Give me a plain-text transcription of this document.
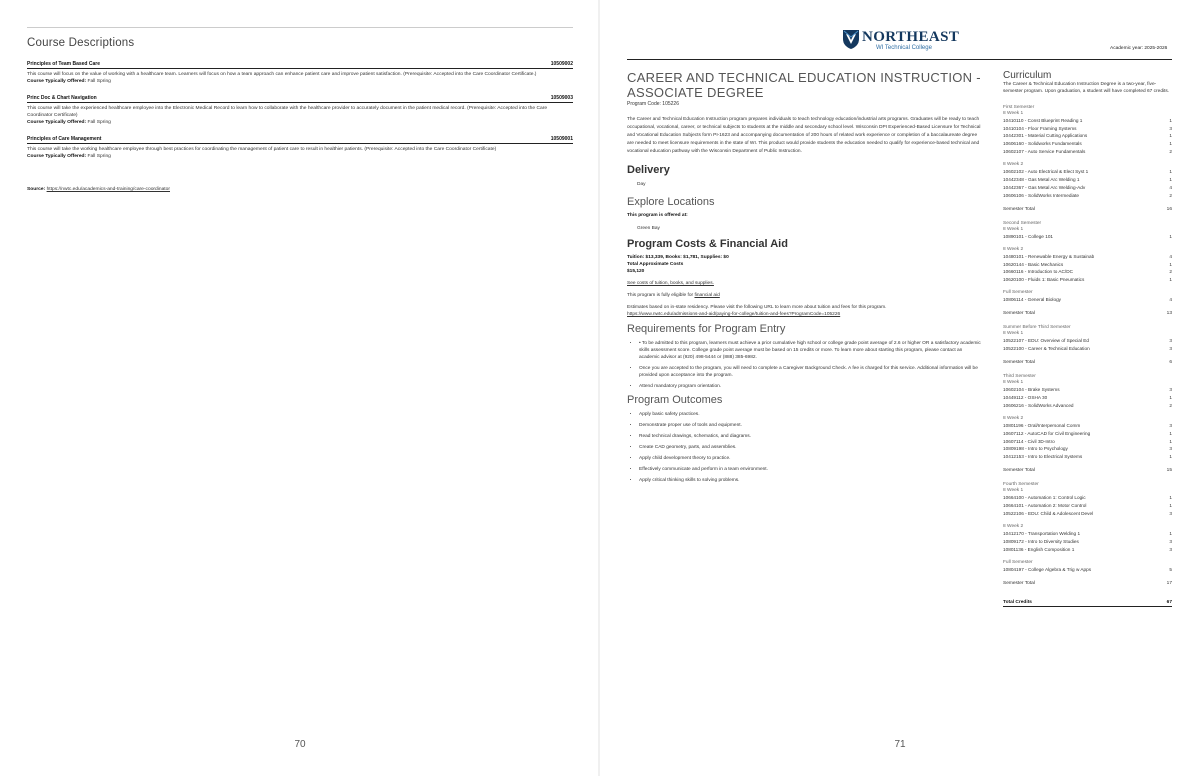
Course Descriptions
Principles of Team Based Care	10509002
This course will focus on the value of working with a healthcare team. Learners will focus on how a team approach can enhance patient care and improve patient satisfaction. (Prerequisite: Accepted into the Care Coordinator Certificate.)
Course Typically Offered: Fall Spring
Princ Doc & Chart Navigation	10509003
This course will take the experienced healthcare employee into the Electronic Medical Record to learn how to collaborate with the healthcare provider to accurately document in the patient medical record. (Prerequisite: Accepted into the Care Coordinator Certificate)
Course Typically Offered: Fall Spring
Principles of Care Management	10509001
This course will take the working healthcare employee through best practices for coordinating the management of patient care to result in healthier patients. (Prerequisite: Accepted into the Care Coordinator Certificate)
Course Typically Offered: Fall Spring
Source: https://nwtc.edu/academics-and-training/care-coordinator
70
NORTHEAST
WI Technical College	Academic year: 2025-2026
CAREER AND TECHNICAL EDUCATION INSTRUCTION - ASSOCIATE DEGREE
Program Code: 105226
The Career and Technical Education Instruction program prepares individuals to teach technology education/industrial arts programs. Graduates will be ready to teach occupational, vocational, career, or technical subjects to students at the middle and secondary school level. Wisconsin DPI Experienced-Based Licensure for Technical and Vocational Education Subjects form PI-1623 and accompanying documentation of 200 hours of related work experience or completion of a baccalaureate degree are needed to meet licensure requirements in the state of WI. This product would provide students the education needed to qualify for experience-based technical and vocational education pathway with the Wisconsin Department of Public Instruction.
Delivery
Day
Explore Locations
This program is offered at:
Green Bay
Program Costs & Financial Aid
Tuition: $13,339, Books: $1,781, Supplies: $0
Total Approximate Costs
$15,120
See costs of tuition, books, and supplies.
This program is fully eligible for financial aid
Estimates based on in-state residency. Please visit the following URL to learn more about tuition and fees for this program.
https://www.nwtc.edu/admissions-and-aid/paying-for-college/tuition-and-fees?ProgramCode=105226
Requirements for Program Entry
• • To be admitted to this program, learners must achieve a prior cumulative high school or college grade point average of 2.6 or higher OR a satisfactory academic skills assessment score. College grade point average must be based on 15 credits or more. To learn more about starting this program, please contact an academic advisor at (920) 498-5444 or (888) 385-6982.
• Once you are accepted to the program, you will need to complete a Caregiver Background Check. A fee is charged for this service. Additional information will be provided upon acceptance into the program.
• Attend mandatory program orientation.
Program Outcomes
• Apply basic safety practices.
• Demonstrate proper use of tools and equipment.
• Read technical drawings, schematics, and diagrams.
• Create CAD geometry, parts, and assemblies.
• Apply child development theory to practice.
• Effectively communicate and perform in a team environment.
• Apply critical thinking skills to solving problems.
Curriculum
The Career & Technical Education Instruction Degree is a two-year, five-semester program. Upon graduation, a student will have completed 67 credits.
First Semester
8 Week 1
10410110 - Const Blueprint Reading 1	1
10410104 - Floor Framing Systems	3
10442301 - Material Cutting Applications	1
10606160 - Solidworks Fundamentals	1
10602107 - Auto Service Fundamentals	2
8 Week 2
10602102 - Auto Electrical & Elect Syst 1	1
10442348 - Gas Metal Arc Welding 1	1
10442367 - Gas Metal Arc Welding-Adv	4
10606106 - SolidWorks Intermediate	2
Semester Total	16
Second Semester
8 Week 1
10890101 - College 101	1
8 Week 2
10480101 - Renewable Energy & Sustainab	4
10620144 - Basic Mechanics	1
10660116 - Introduction to AC/DC	2
10620100 - Fluids 1: Basic Pneumatics	1
Full Semester
10806114 - General Biology	4
Semester Total	13
Summer Before Third Semester
8 Week 1
10522107 - EDU: Overview of Special Ed	3
10522100 - Career & Technical Education	3
Semester Total	6
Third Semester
8 Week 1
10602104 - Brake Systems	3
10449112 - OSHA 30	1
10606216 - SolidWorks Advanced	2
8 Week 2
10801196 - Oral/Interpersonal Comm	3
10607112 - AutoCAD for Civil Engineering	1
10607114 - Civil 3D-Intro	1
10809198 - Intro to Psychology	3
10412153 - Intro to Electrical Systems	1
Semester Total	15
Fourth Semester
8 Week 1
10664100 - Automation 1: Control Logic	1
10664101 - Automation 2: Motor Control	1
10522106 - EDU: Child & Adolescent Devel	3
8 Week 2
10412170 - Transportation Welding 1	1
10809172 - Intro to Diversity Studies	3
10801136 - English Composition 1	3
Full Semester
10804197 - College Algebra & Trig w Apps	5
Semester Total	17
Total Credits	67
71
